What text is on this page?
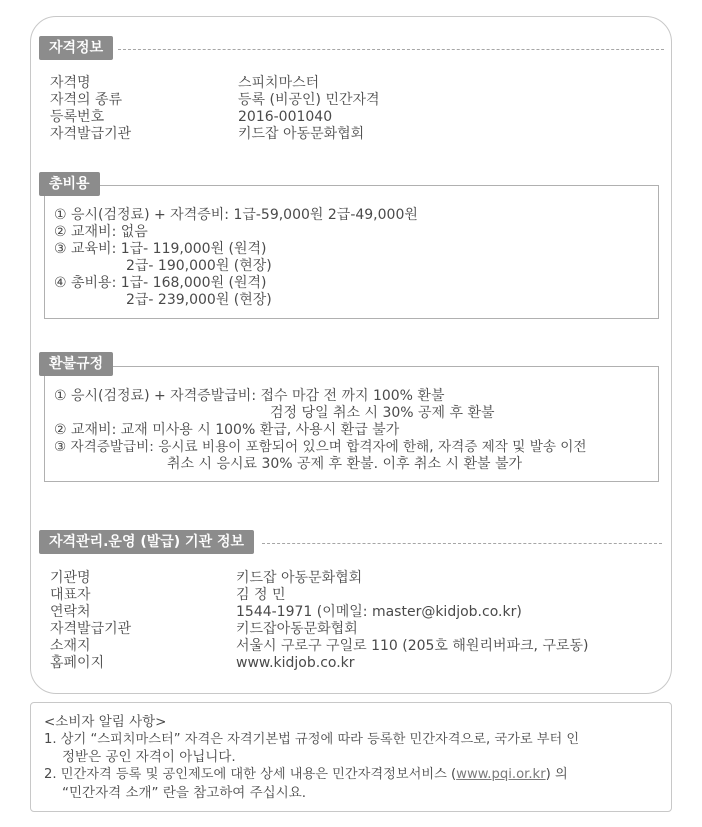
자격정보
자격명	스피치마스터
자격의 종류	등록 (비공인) 민간자격
등록번호	2016-001040
자격발급기관	키드잡 아동문화협회
총비용
① 응시(검정료) + 자격증비: 1급-59,000원 2급-49,000원
② 교재비: 없음
③ 교육비: 1급- 119,000원 (원격)
2급- 190,000원 (현장)
④ 총비용: 1급- 168,000원 (원격)
2급- 239,000원 (현장)
환불규정
① 응시(검정료) + 자격증발급비: 접수 마감 전 까지 100% 환불
검정 당일 취소 시 30% 공제 후 환불
② 교재비: 교재 미사용 시 100% 환급, 사용시 환급 불가
③ 자격증발급비: 응시료 비용이 포함되어 있으며 합격자에 한해, 자격증 제작 및 발송 이전
취소 시 응시료 30% 공제 후 환불. 이후 취소 시 환불 불가
자격관리.운영 (발급) 기관 정보
기관명	키드잡 아동문화협회
대표자	김 정 민
연락처	1544-1971 (이메일: master@kidjob.co.kr)
자격발급기관	키드잡아동문화협회
소재지	서울시 구로구 구일로 110 (205호 해원리버파크, 구로동)
홈페이지	www.kidjob.co.kr
<소비자 알림 사항>
1. 상기 “스피치마스터” 자격은 자격기본법 규정에 따라 등록한 민간자격으로, 국가로 부터 인
정받은 공인 자격이 아닙니다.
2. 민간자격 등록 및 공인제도에 대한 상세 내용은 민간자격정보서비스 (www.pqi.or.kr) 의
“민간자격 소개” 란을 참고하여 주십시요.
